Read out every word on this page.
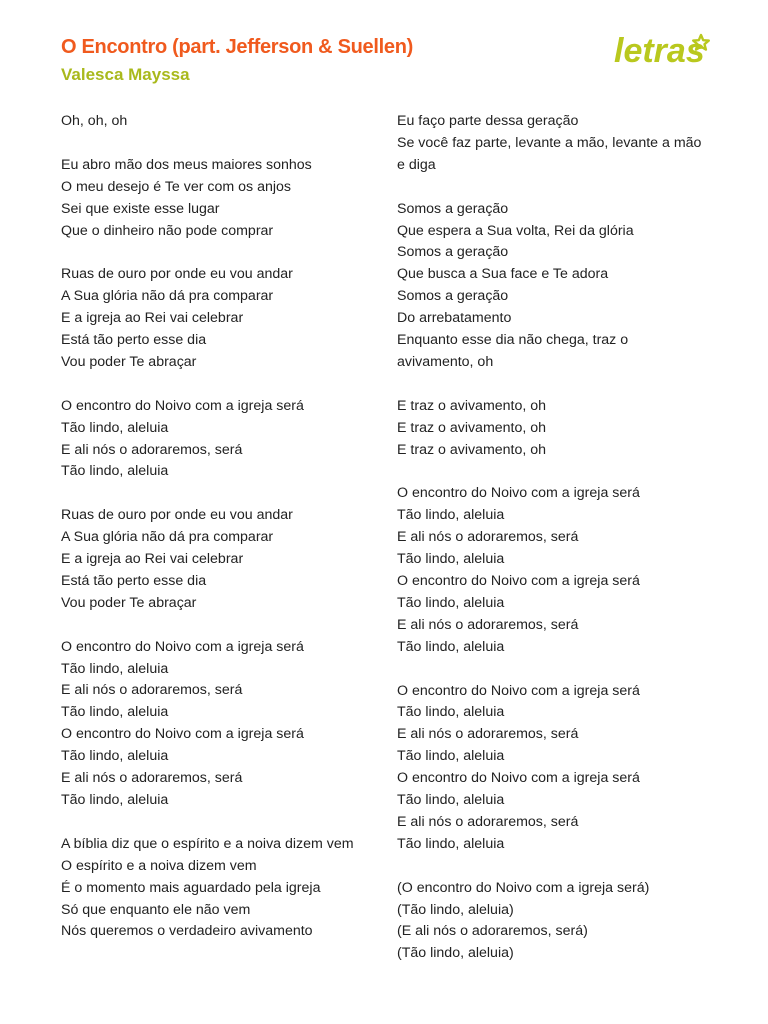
O Encontro (part. Jefferson & Suellen)
Valesca Mayssa
letras
Oh, oh, oh
Eu abro mão dos meus maiores sonhos
O meu desejo é Te ver com os anjos
Sei que existe esse lugar
Que o dinheiro não pode comprar
Ruas de ouro por onde eu vou andar
A Sua glória não dá pra comparar
E a igreja ao Rei vai celebrar
Está tão perto esse dia
Vou poder Te abraçar
O encontro do Noivo com a igreja será
Tão lindo, aleluia
E ali nós o adoraremos, será
Tão lindo, aleluia
Ruas de ouro por onde eu vou andar
A Sua glória não dá pra comparar
E a igreja ao Rei vai celebrar
Está tão perto esse dia
Vou poder Te abraçar
O encontro do Noivo com a igreja será
Tão lindo, aleluia
E ali nós o adoraremos, será
Tão lindo, aleluia
O encontro do Noivo com a igreja será
Tão lindo, aleluia
E ali nós o adoraremos, será
Tão lindo, aleluia
A bíblia diz que o espírito e a noiva dizem vem
O espírito e a noiva dizem vem
É o momento mais aguardado pela igreja
Só que enquanto ele não vem
Nós queremos o verdadeiro avivamento
Eu faço parte dessa geração
Se você faz parte, levante a mão, levante a mão e diga
Somos a geração
Que espera a Sua volta, Rei da glória
Somos a geração
Que busca a Sua face e Te adora
Somos a geração
Do arrebatamento
Enquanto esse dia não chega, traz o avivamento, oh
E traz o avivamento, oh
E traz o avivamento, oh
E traz o avivamento, oh
O encontro do Noivo com a igreja será
Tão lindo, aleluia
E ali nós o adoraremos, será
Tão lindo, aleluia
O encontro do Noivo com a igreja será
Tão lindo, aleluia
E ali nós o adoraremos, será
Tão lindo, aleluia
O encontro do Noivo com a igreja será
Tão lindo, aleluia
E ali nós o adoraremos, será
Tão lindo, aleluia
O encontro do Noivo com a igreja será
Tão lindo, aleluia
E ali nós o adoraremos, será
Tão lindo, aleluia
(O encontro do Noivo com a igreja será)
(Tão lindo, aleluia)
(E ali nós o adoraremos, será)
(Tão lindo, aleluia)
